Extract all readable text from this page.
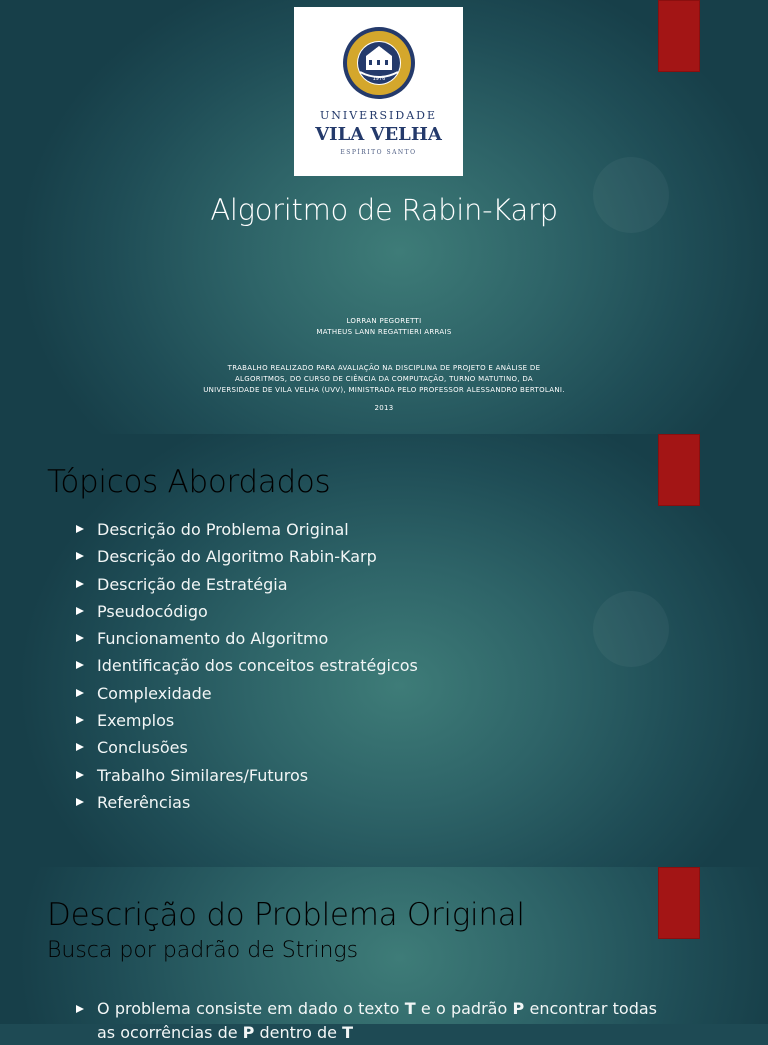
1976
UNIVERSIDADE
VILA VELHA
ESPÍRITO SANTO
Algoritmo de Rabin-Karp
LORRAN PEGORETTI
MATHEUS LANN REGATTIERI ARRAIS
TRABALHO REALIZADO PARA AVALIAÇÃO NA DISCIPLINA DE PROJETO E ANÁLISE DE
ALGORITMOS, DO CURSO DE CIÊNCIA DA COMPUTAÇÃO, TURNO MATUTINO, DA
UNIVERSIDADE DE VILA VELHA (UVV), MINISTRADA PELO PROFESSOR ALESSANDRO BERTOLANI.
2013
Tópicos Abordados
Descrição do Problema Original
Descrição do Algoritmo Rabin-Karp
Descrição de Estratégia
Pseudocódigo
Funcionamento do Algoritmo
Identificação dos conceitos estratégicos
Complexidade
Exemplos
Conclusões
Trabalho Similares/Futuros
Referências
Descrição do Problema Original
Busca por padrão de Strings
O problema consiste em dado o texto T e o padrão P encontrar todas as ocorrências de P dentro de T
